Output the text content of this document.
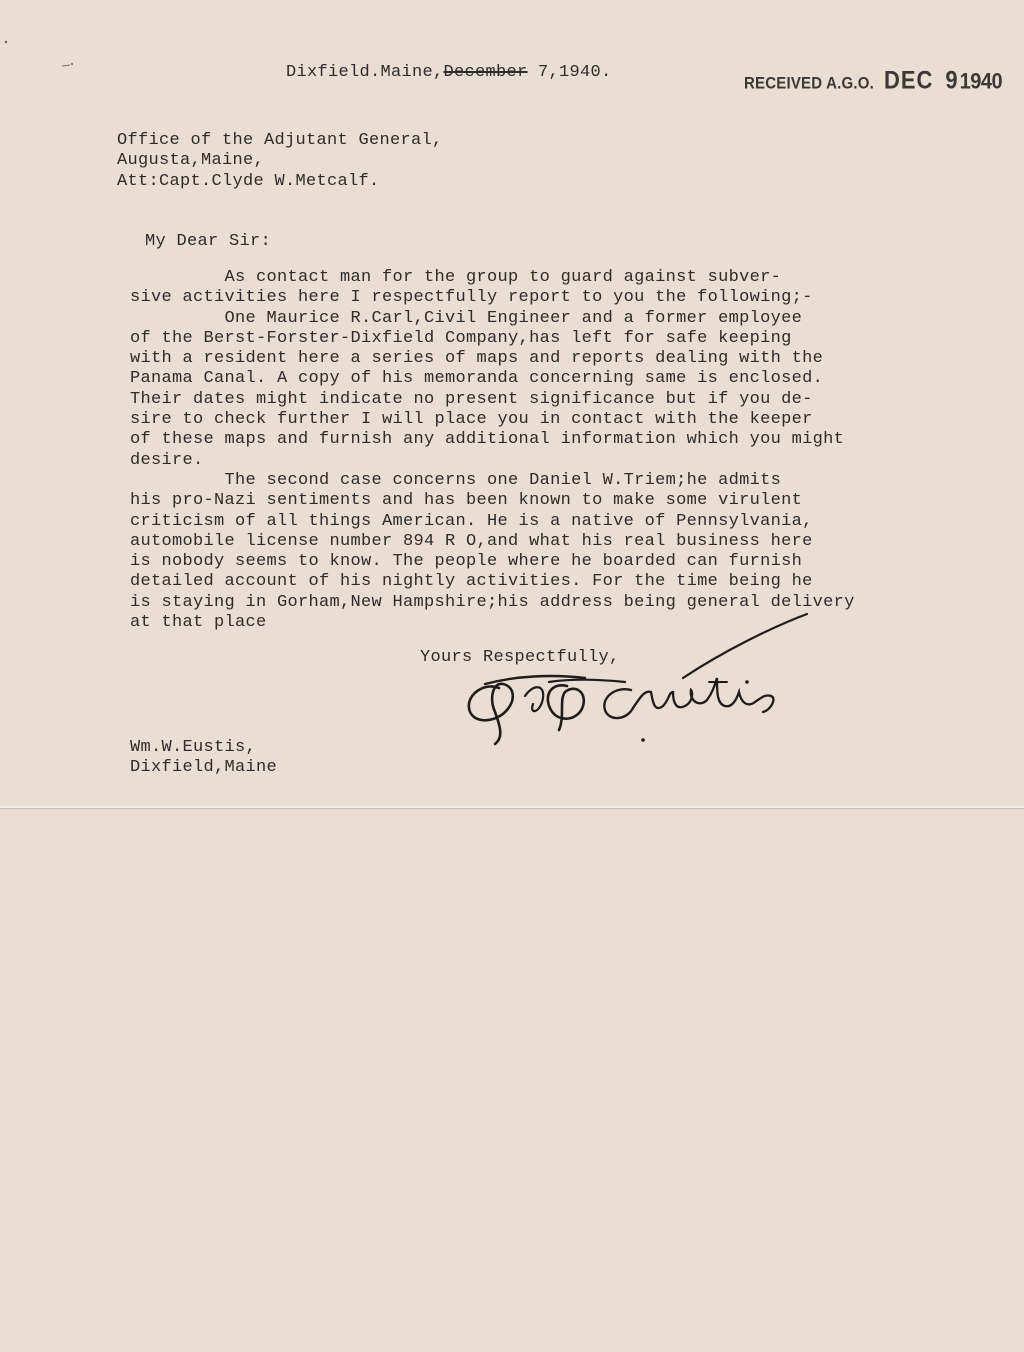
Dixfield.Maine,December 7,1940.
RECEIVED A.G.O. DEC 9 1940
Office of the Adjutant General,
Augusta,Maine,
Att:Capt.Clyde W.Metcalf.
My Dear Sir:
As contact man for the group to guard against subver-
sive activities here I respectfully report to you the following;-
One Maurice R.Carl,Civil Engineer and a former employee
of the Berst-Forster-Dixfield Company,has left for safe keeping
with a resident here a series of maps and reports dealing with the
Panama Canal. A copy of his memoranda concerning same is enclosed.
Their dates might indicate no present significance but if you de-
sire to check further I will place you in contact with the keeper
of these maps and furnish any additional information which you might
desire.
The second case concerns one Daniel W.Triem;he admits
his pro-Nazi sentiments and has been known to make some virulent
criticism of all things American. He is a native of Pennsylvania,
automobile license number 894 R O,and what his real business here
is nobody seems to know. The people where he boarded can furnish
detailed account of his nightly activities. For the time being he
is staying in Gorham,New Hampshire;his address being general delivery
at that place
Yours Respectfully,
Wm.W.Eustis,
Dixfield,Maine
